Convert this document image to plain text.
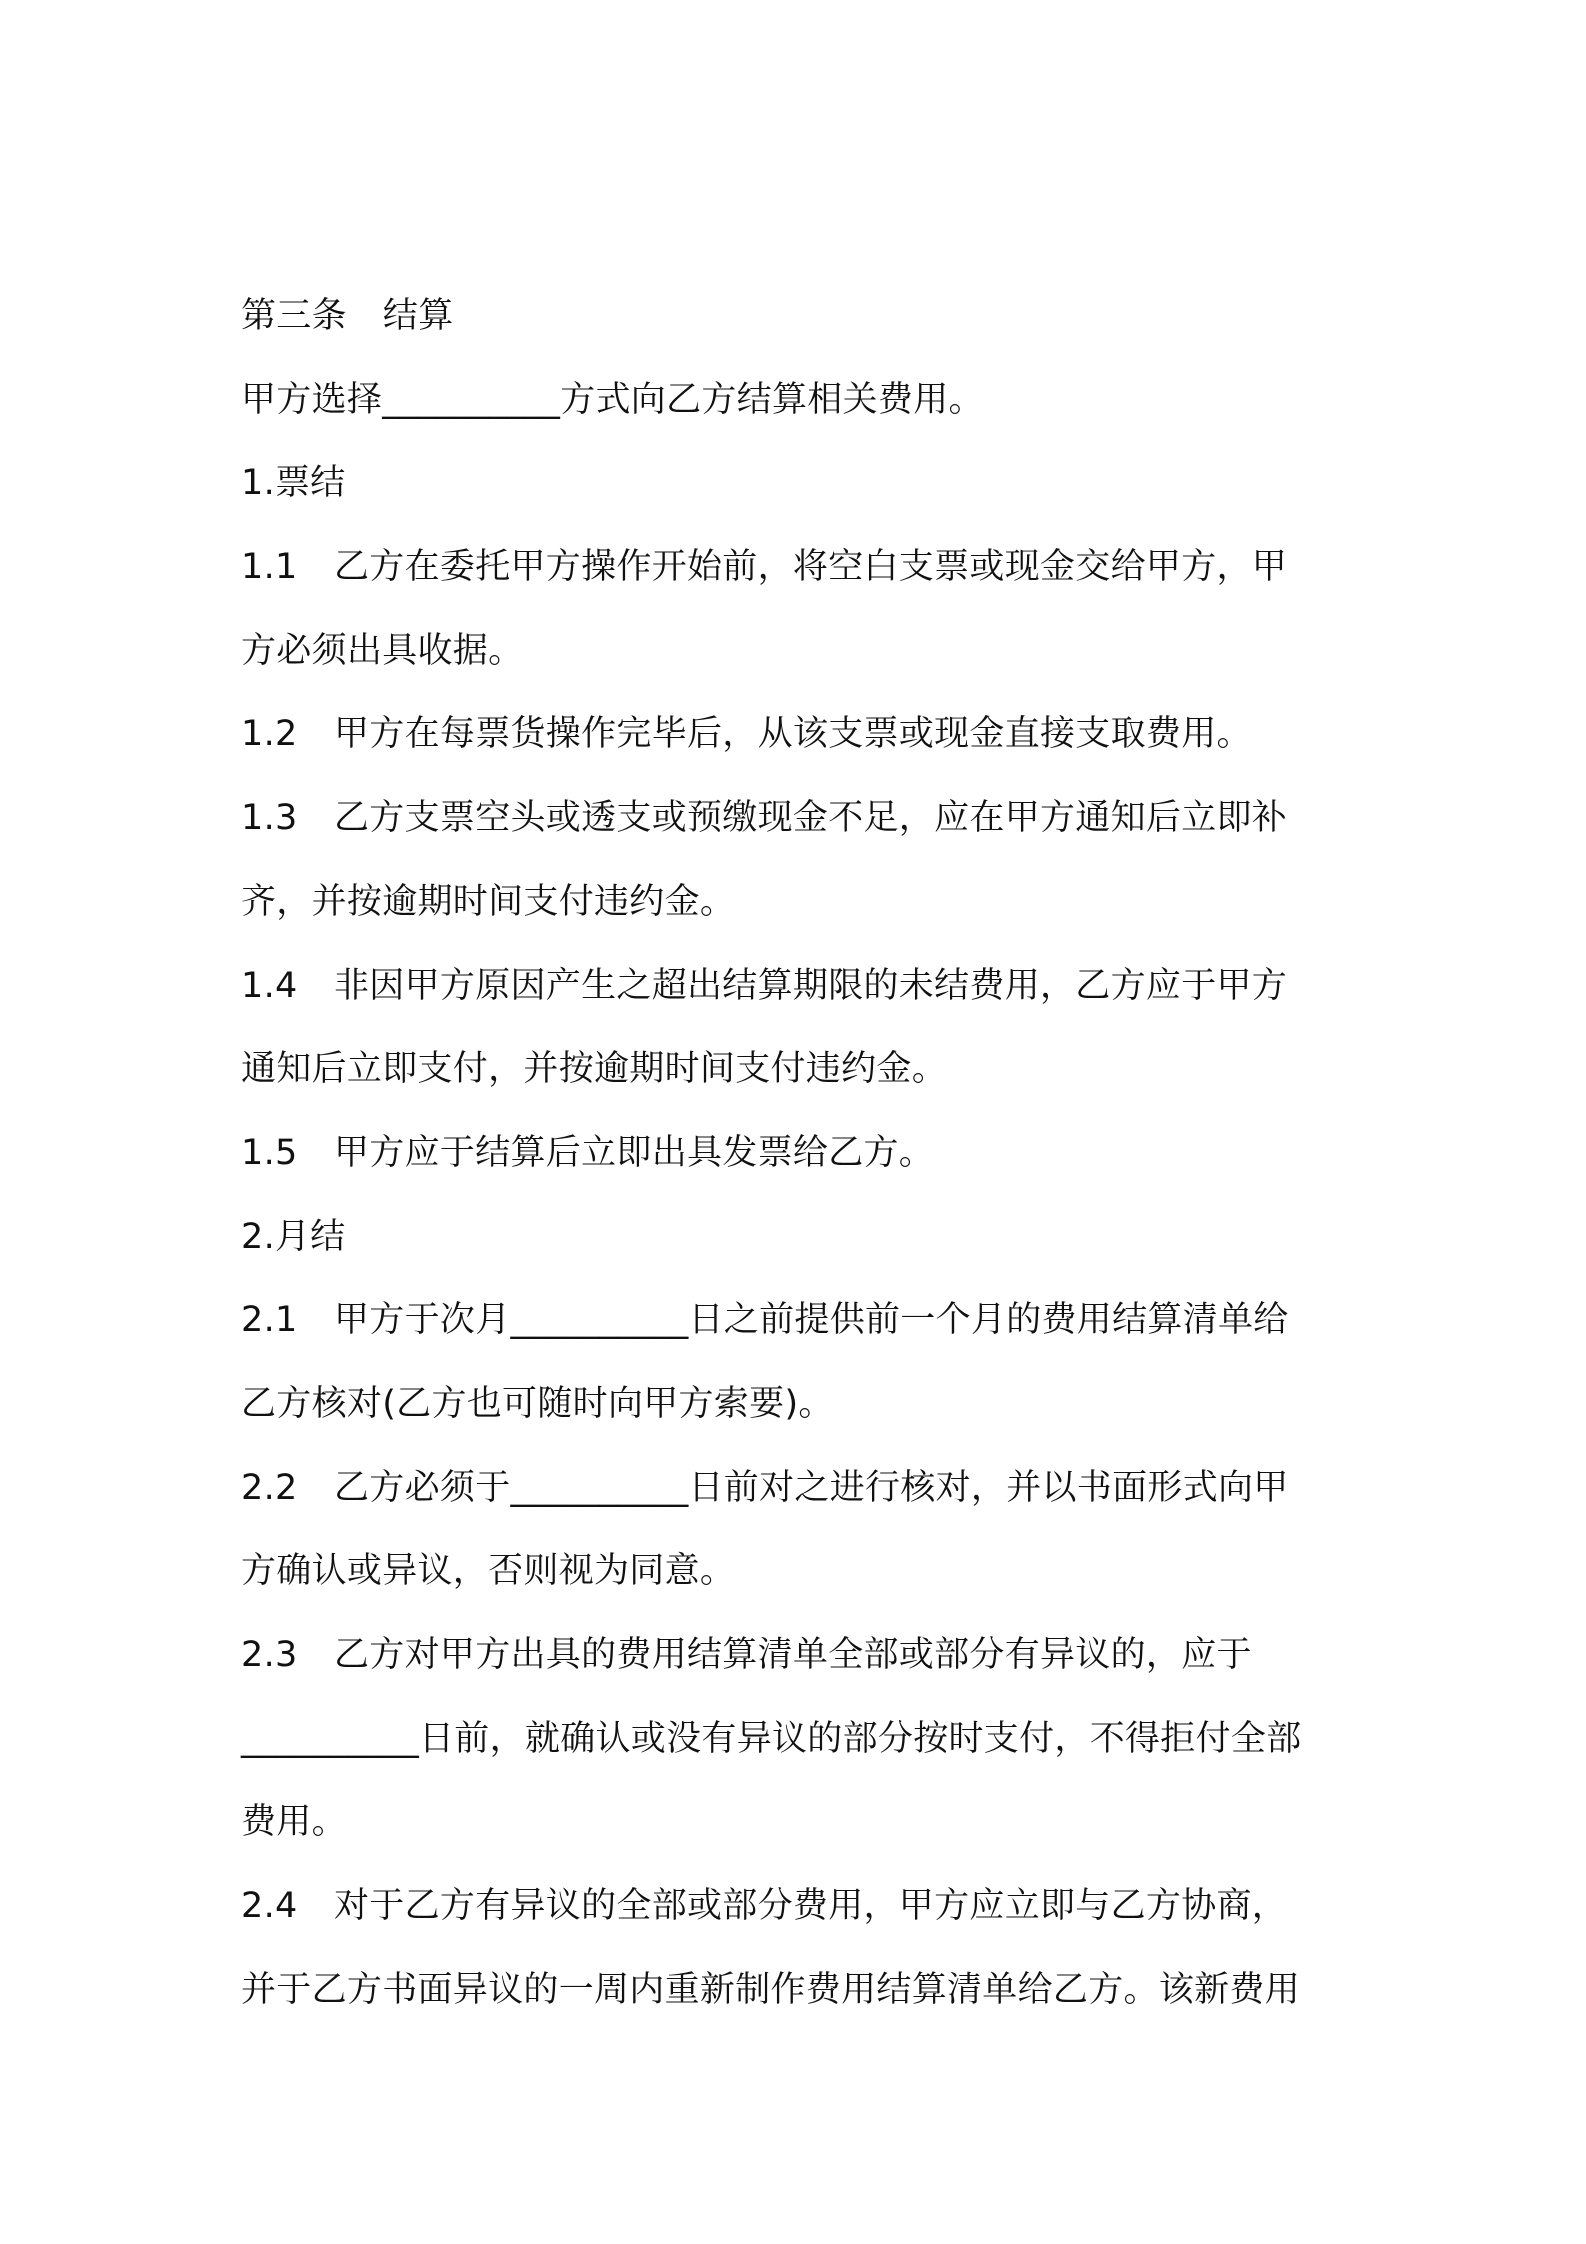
第三条 结算
甲方选择__________方式向乙方结算相关费用。
1.票结
1.1 乙方在委托甲方操作开始前，将空白支票或现金交给甲方，甲
方必须出具收据。
1.2 甲方在每票货操作完毕后，从该支票或现金直接支取费用。
1.3 乙方支票空头或透支或预缴现金不足，应在甲方通知后立即补
齐，并按逾期时间支付违约金。
1.4 非因甲方原因产生之超出结算期限的未结费用，乙方应于甲方
通知后立即支付，并按逾期时间支付违约金。
1.5 甲方应于结算后立即出具发票给乙方。
2.月结
2.1 甲方于次月__________日之前提供前一个月的费用结算清单给
乙方核对(乙方也可随时向甲方索要)。
2.2 乙方必须于__________日前对之进行核对，并以书面形式向甲
方确认或异议，否则视为同意。
2.3 乙方对甲方出具的费用结算清单全部或部分有异议的，应于
__________日前，就确认或没有异议的部分按时支付，不得拒付全部
费用。
2.4 对于乙方有异议的全部或部分费用，甲方应立即与乙方协商，
并于乙方书面异议的一周内重新制作费用结算清单给乙方。该新费用
